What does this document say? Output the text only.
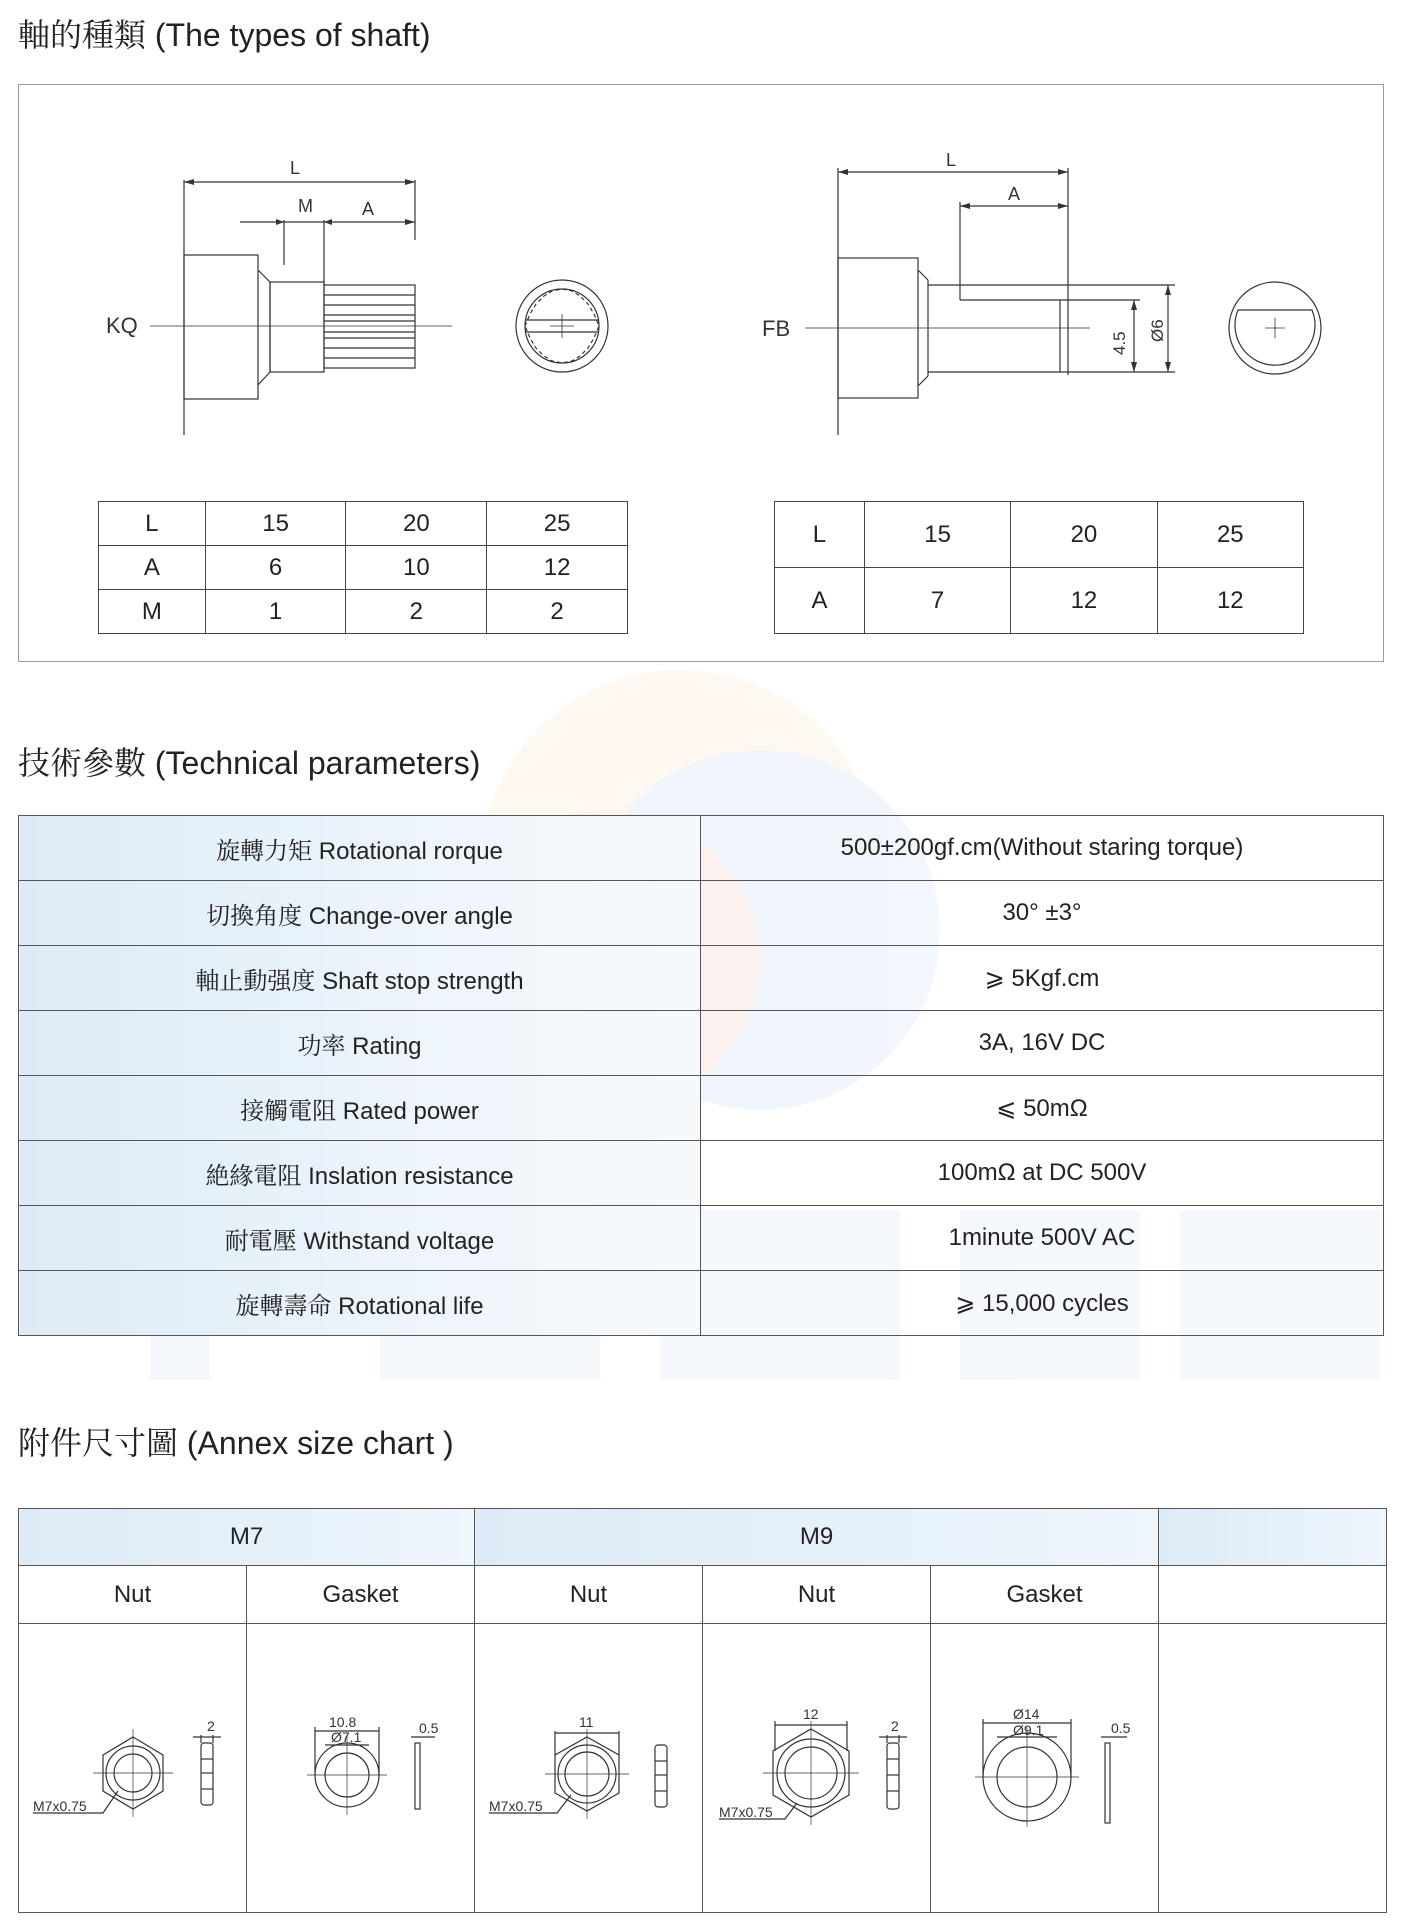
軸的種類 (The types of shaft)
L
M	A
KQ
L
A
4.5
Ø6
FB
L	15	20	25
A	6	10	12
M	1	2	2
L	15	20	25
A	7	12	12
技術參數 (Technical parameters)
旋轉力矩 Rotational rorque	500±200gf.cm(Without staring torque)
切換角度 Change-over angle	30° ±3°
軸止動强度 Shaft stop strength	⩾ 5Kgf.cm
功率 Rating	3A, 16V DC
接觸電阻 Rated power	⩽ 50mΩ
絶緣電阻 Inslation resistance	100mΩ at DC 500V
耐電壓 Withstand voltage	1minute 500V AC
旋轉壽命 Rotational life	⩾ 15,000 cycles
附件尺寸圖 (Annex size chart )
M7		M9			
Nut	Gasket	Nut	Nut	Gasket	

2
M7x0.75	10.8
Ø7.1
0.5	11
M7x0.75	12
2
M7x0.75	Ø14
Ø9.1 0.5	
